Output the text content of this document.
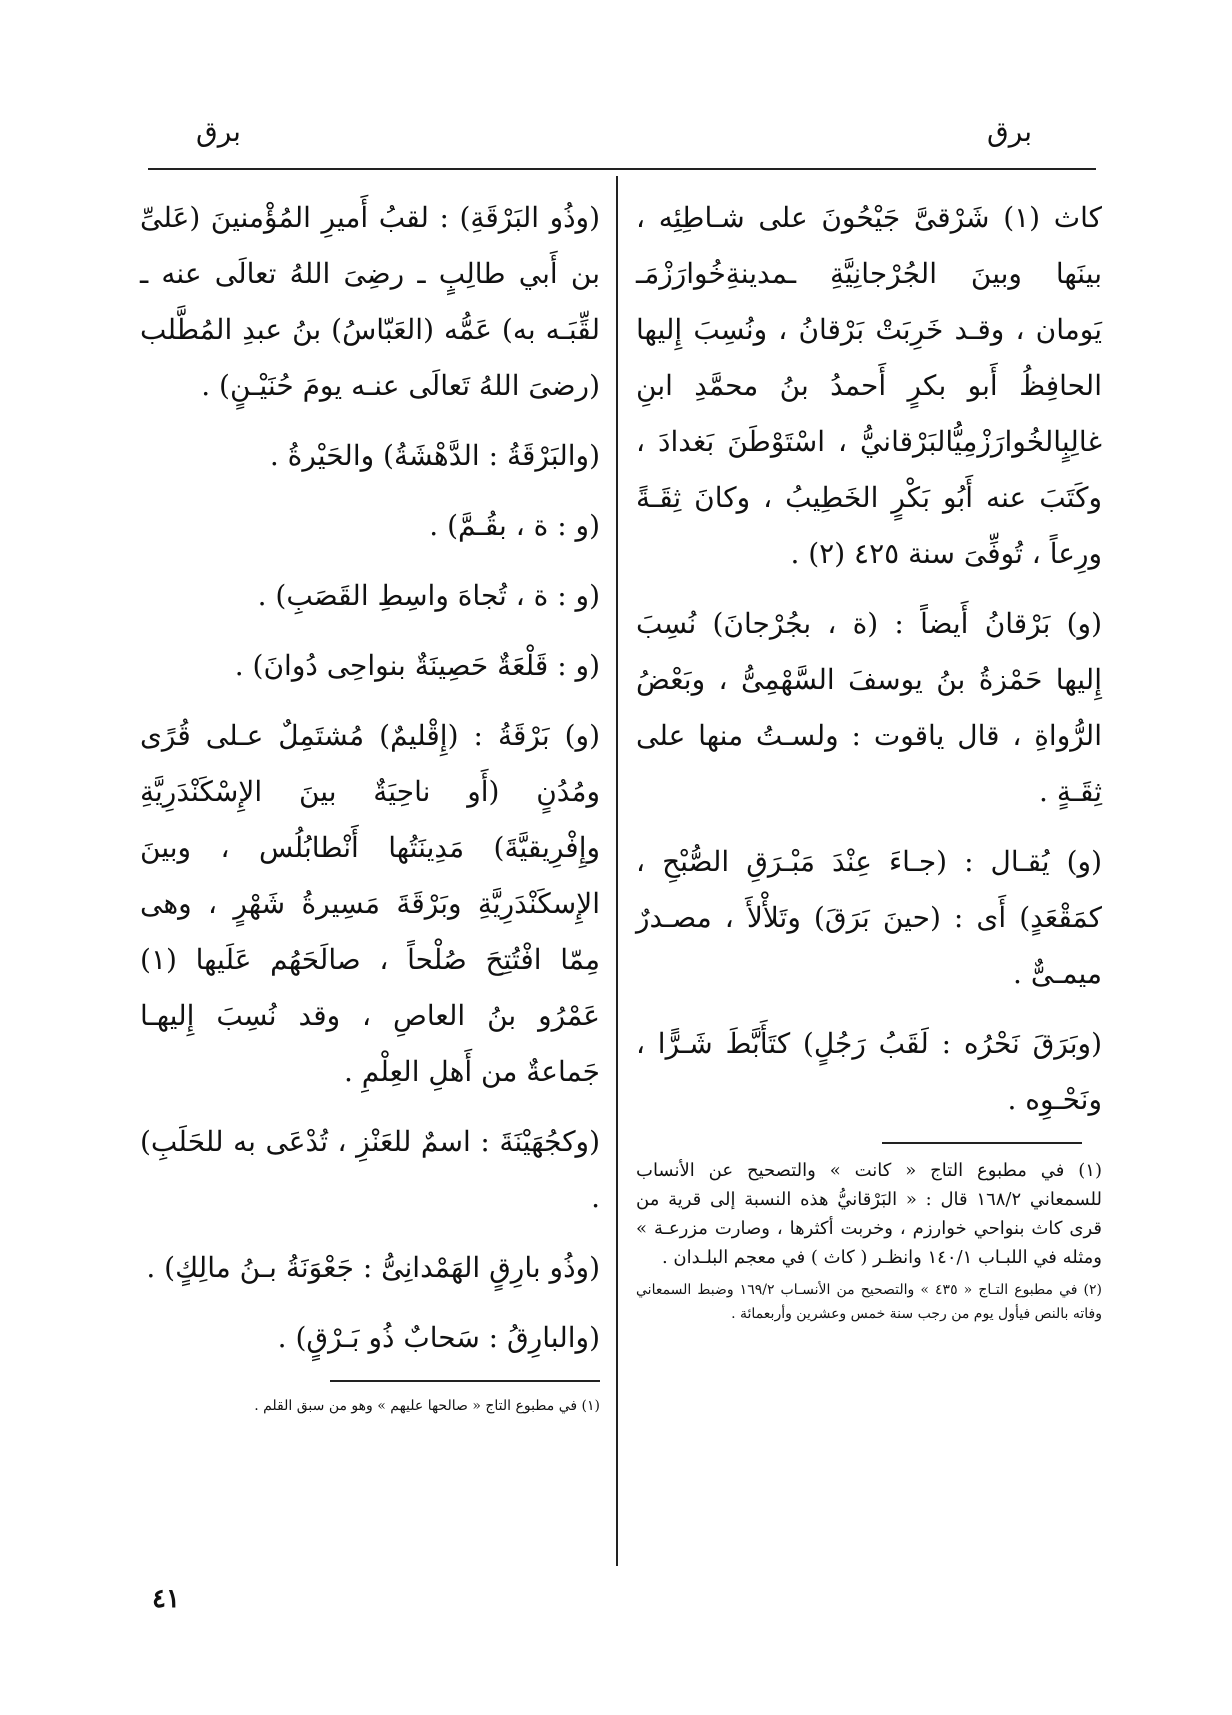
برق
برق

كاث (١) شَرْقىَّ جَيْحُونَ على شـاطِئِه ، بينَها وبينَ الجُرْجانِيَّةِ ـمدينةِخُوارَزْمَـ يَومان ، وقـد خَرِبَتْ بَرْقانُ ، ونُسِبَ إِليها الحافِظُ أَبو بكرٍ أَحمدُ بنُ محمَّدِ ابنِ غالِبٍالخُوارَزْمِيُّالبَرْقانيُّ ، اسْتَوْطَنَ بَغدادَ ، وكَتَبَ عنه أَبُو بَكْرٍ الخَطِيبُ ، وكانَ ثِقَـةً ورِعاً ، تُوفِّىَ سنة ٤٢٥ (٢) .

(و) بَرْقانُ أَيضاً : (ة ، بجُرْجانَ) نُسِبَ إِليها حَمْزةُ بنُ يوسفَ السَّهْمِىُّ ، وبَعْضُ الرُّواةِ ، قال ياقوت : ولسـتُ منها على ثِقَـةٍ .

(و) يُقـال : (جـاءَ عِنْدَ مَبْـرَقِ الصُّبْحِ ، كمَقْعَدٍ) أَى : (حينَ بَرَقَ) وتَلأْلأَ ، مصـدرٌ ميمـىٌّ .

(وبَرَقَ نَحْرُه : لَقَبُ رَجُلٍ) كتَأَبَّطَ شَـرًّا ، ونَحْـوِه .

(١) في مطبوع التاج « كانت » والتصحيح عن الأنساب للسمعاني ١٦٨/٢ قال : « البَرْقانيُّ هذه النسبة إلى قرية من قرى كاث بنواحي خوارزم ، وخربت أكثرها ، وصارت مزرعـة » ومثله في اللبـاب ١٤٠/١ وانظـر ( كاث ) في معجم البلـدان .

(٢) في مطبوع التـاج « ٤٣٥ » والتصحيح من الأنسـاب ١٦٩/٢ وضبط السمعاني وفاته بالنص فيأول يوم من رجب سنة خمس وعشرين وأربعمائة .

(وذُو البَرْقَةِ) : لقبُ أَميرِ المُؤْمنينَ (عَلىِّ بن أَبي طالِبٍ ـ رضِىَ اللهُ تعالَى عنه ـ لقِّبَـه به) عَمُّه (العَبّاسُ) بنُ عبدِ المُطَّلب (رضىَ اللهُ تَعالَى عنـه يومَ حُنَيْـنٍ) .

(والبَرْقَةُ : الدَّهْشَةُ) والحَيْرةُ .

(و : ة ، بقُـمَّ) .

(و : ة ، تُجاهَ واسِطِ القَصَبِ) .

(و : قَلْعَةٌ حَصِينَةٌ بنواحِى دُوانَ) .

(و) بَرْقَةُ : (إِقْليمٌ) مُشتَمِلٌ عـلى قُرًى ومُدُنٍ (أَو ناحِيَةٌ بينَ الإِسْكَنْدَرِيَّةِ وإِفْرِيقيَّةَ) مَدِينَتُها أَنْطابُلُس ، وبينَ الإِسكَنْدَرِيَّةِ وبَرْقَةَ مَسِيرةُ شَهْرٍ ، وهى مِمّا افْتُتِحَ صُلْحاً ، صالَحَهُم عَلَيها (١) عَمْرُو بنُ العاصِ ، وقد نُسِبَ إِليهـا جَماعةٌ من أَهلِ العِلْمِ .

(وكجُهَيْنَةَ : اسمٌ للعَنْزِ ، تُدْعَى به للحَلَبِ) .

(وذُو بارِقٍ الهَمْدانِىُّ : جَعْوَنَةُ بـنُ مالِكٍ) .

(والبارِقُ : سَحابٌ ذُو بَـرْقٍ) .

(١) في مطبوع التاج « صالحها عليهم » وهو من سبق القلم .

٤١
